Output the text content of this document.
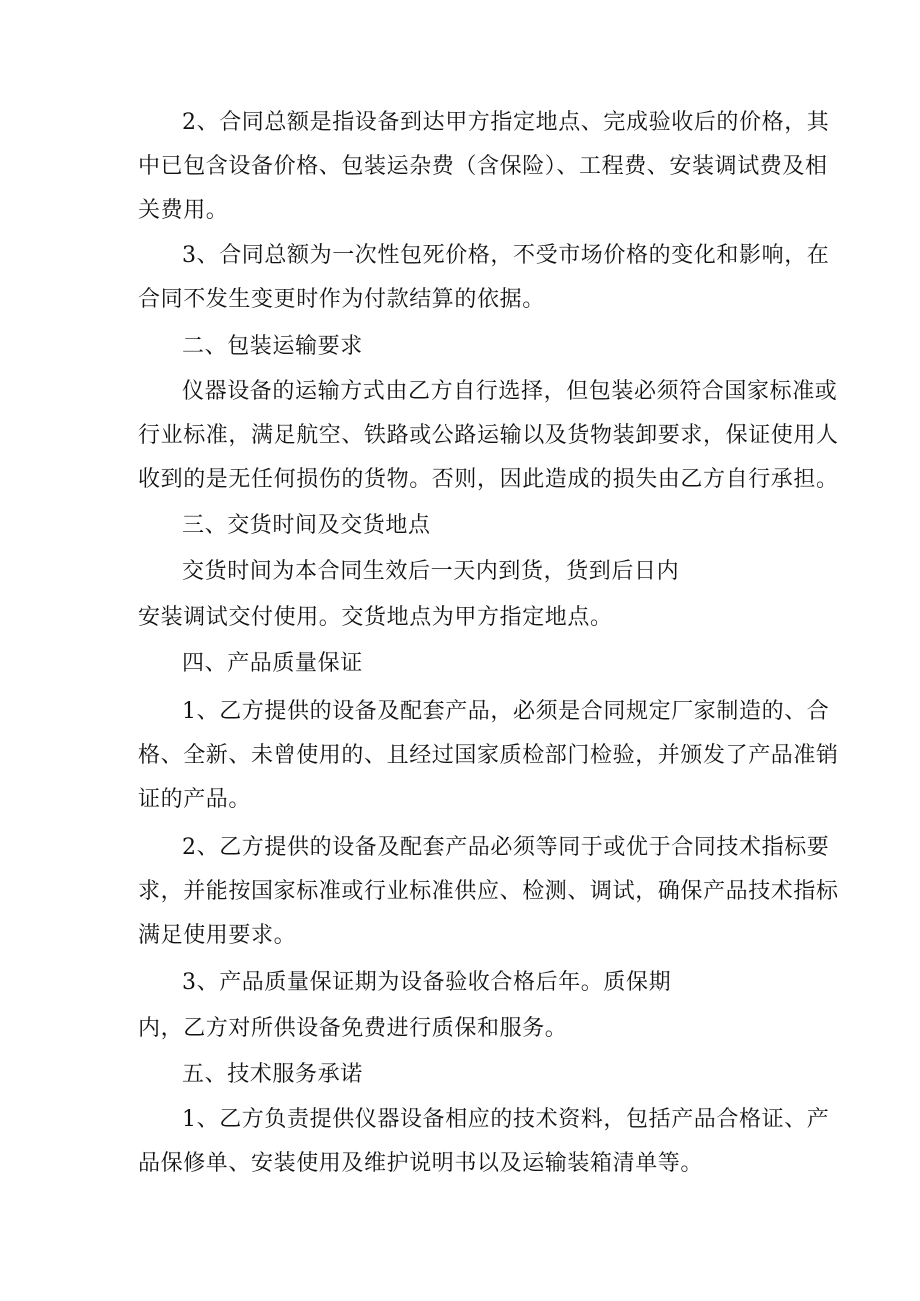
2、合同总额是指设备到达甲方指定地点、完成验收后的价格，其
中已包含设备价格、包装运杂费（含保险）、工程费、安装调试费及相
关费用。
3、合同总额为一次性包死价格，不受市场价格的变化和影响，在
合同不发生变更时作为付款结算的依据。
二、包装运输要求
仪器设备的运输方式由乙方自行选择，但包装必须符合国家标准或
行业标准，满足航空、铁路或公路运输以及货物装卸要求，保证使用人
收到的是无任何损伤的货物。否则，因此造成的损失由乙方自行承担。
三、交货时间及交货地点
交货时间为本合同生效后一天内到货，货到后日内
安装调试交付使用。交货地点为甲方指定地点。
四、产品质量保证
1、乙方提供的设备及配套产品，必须是合同规定厂家制造的、合
格、全新、未曾使用的、且经过国家质检部门检验，并颁发了产品准销
证的产品。
2、乙方提供的设备及配套产品必须等同于或优于合同技术指标要
求，并能按国家标准或行业标准供应、检测、调试，确保产品技术指标
满足使用要求。
3、产品质量保证期为设备验收合格后年。质保期
内，乙方对所供设备免费进行质保和服务。
五、技术服务承诺
1、乙方负责提供仪器设备相应的技术资料，包括产品合格证、产
品保修单、安装使用及维护说明书以及运输装箱清单等。
